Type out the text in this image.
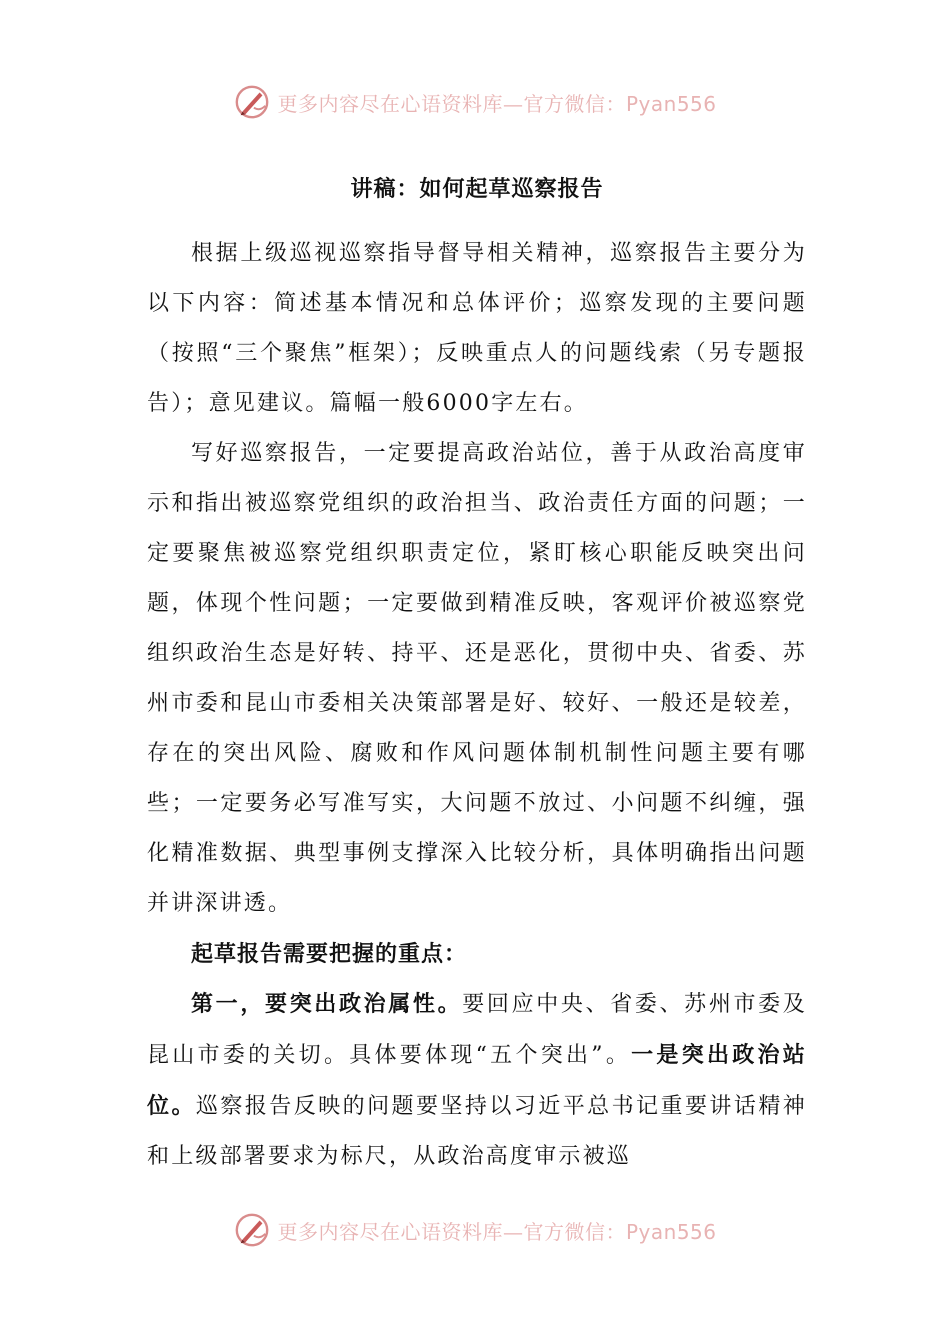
更多内容尽在心语资料库—官方微信：Pyan556
讲稿：如何起草巡察报告

根据上级巡视巡察指导督导相关精神，巡察报告主要分为以下内容：简述基本情况和总体评价；巡察发现的主要问题（按照“三个聚焦”框架）；反映重点人的问题线索（另专题报告）；意见建议。篇幅一般6000字左右。

写好巡察报告，一定要提高政治站位，善于从政治高度审示和指出被巡察党组织的政治担当、政治责任方面的问题；一定要聚焦被巡察党组织职责定位，紧盯核心职能反映突出问题，体现个性问题；一定要做到精准反映，客观评价被巡察党组织政治生态是好转、持平、还是恶化，贯彻中央、省委、苏州市委和昆山市委相关决策部署是好、较好、一般还是较差，存在的突出风险、腐败和作风问题体制机制性问题主要有哪些；一定要务必写准写实，大问题不放过、小问题不纠缠，强化精准数据、典型事例支撑深入比较分析，具体明确指出问题并讲深讲透。

起草报告需要把握的重点：

第一，要突出政治属性。要回应中央、省委、苏州市委及昆山市委的关切。具体要体现“五个突出”。一是突出政治站位。巡察报告反映的问题要坚持以习近平总书记重要讲话精神和上级部署要求为标尺，从政治高度审示被巡

更多内容尽在心语资料库—官方微信：Pyan556
